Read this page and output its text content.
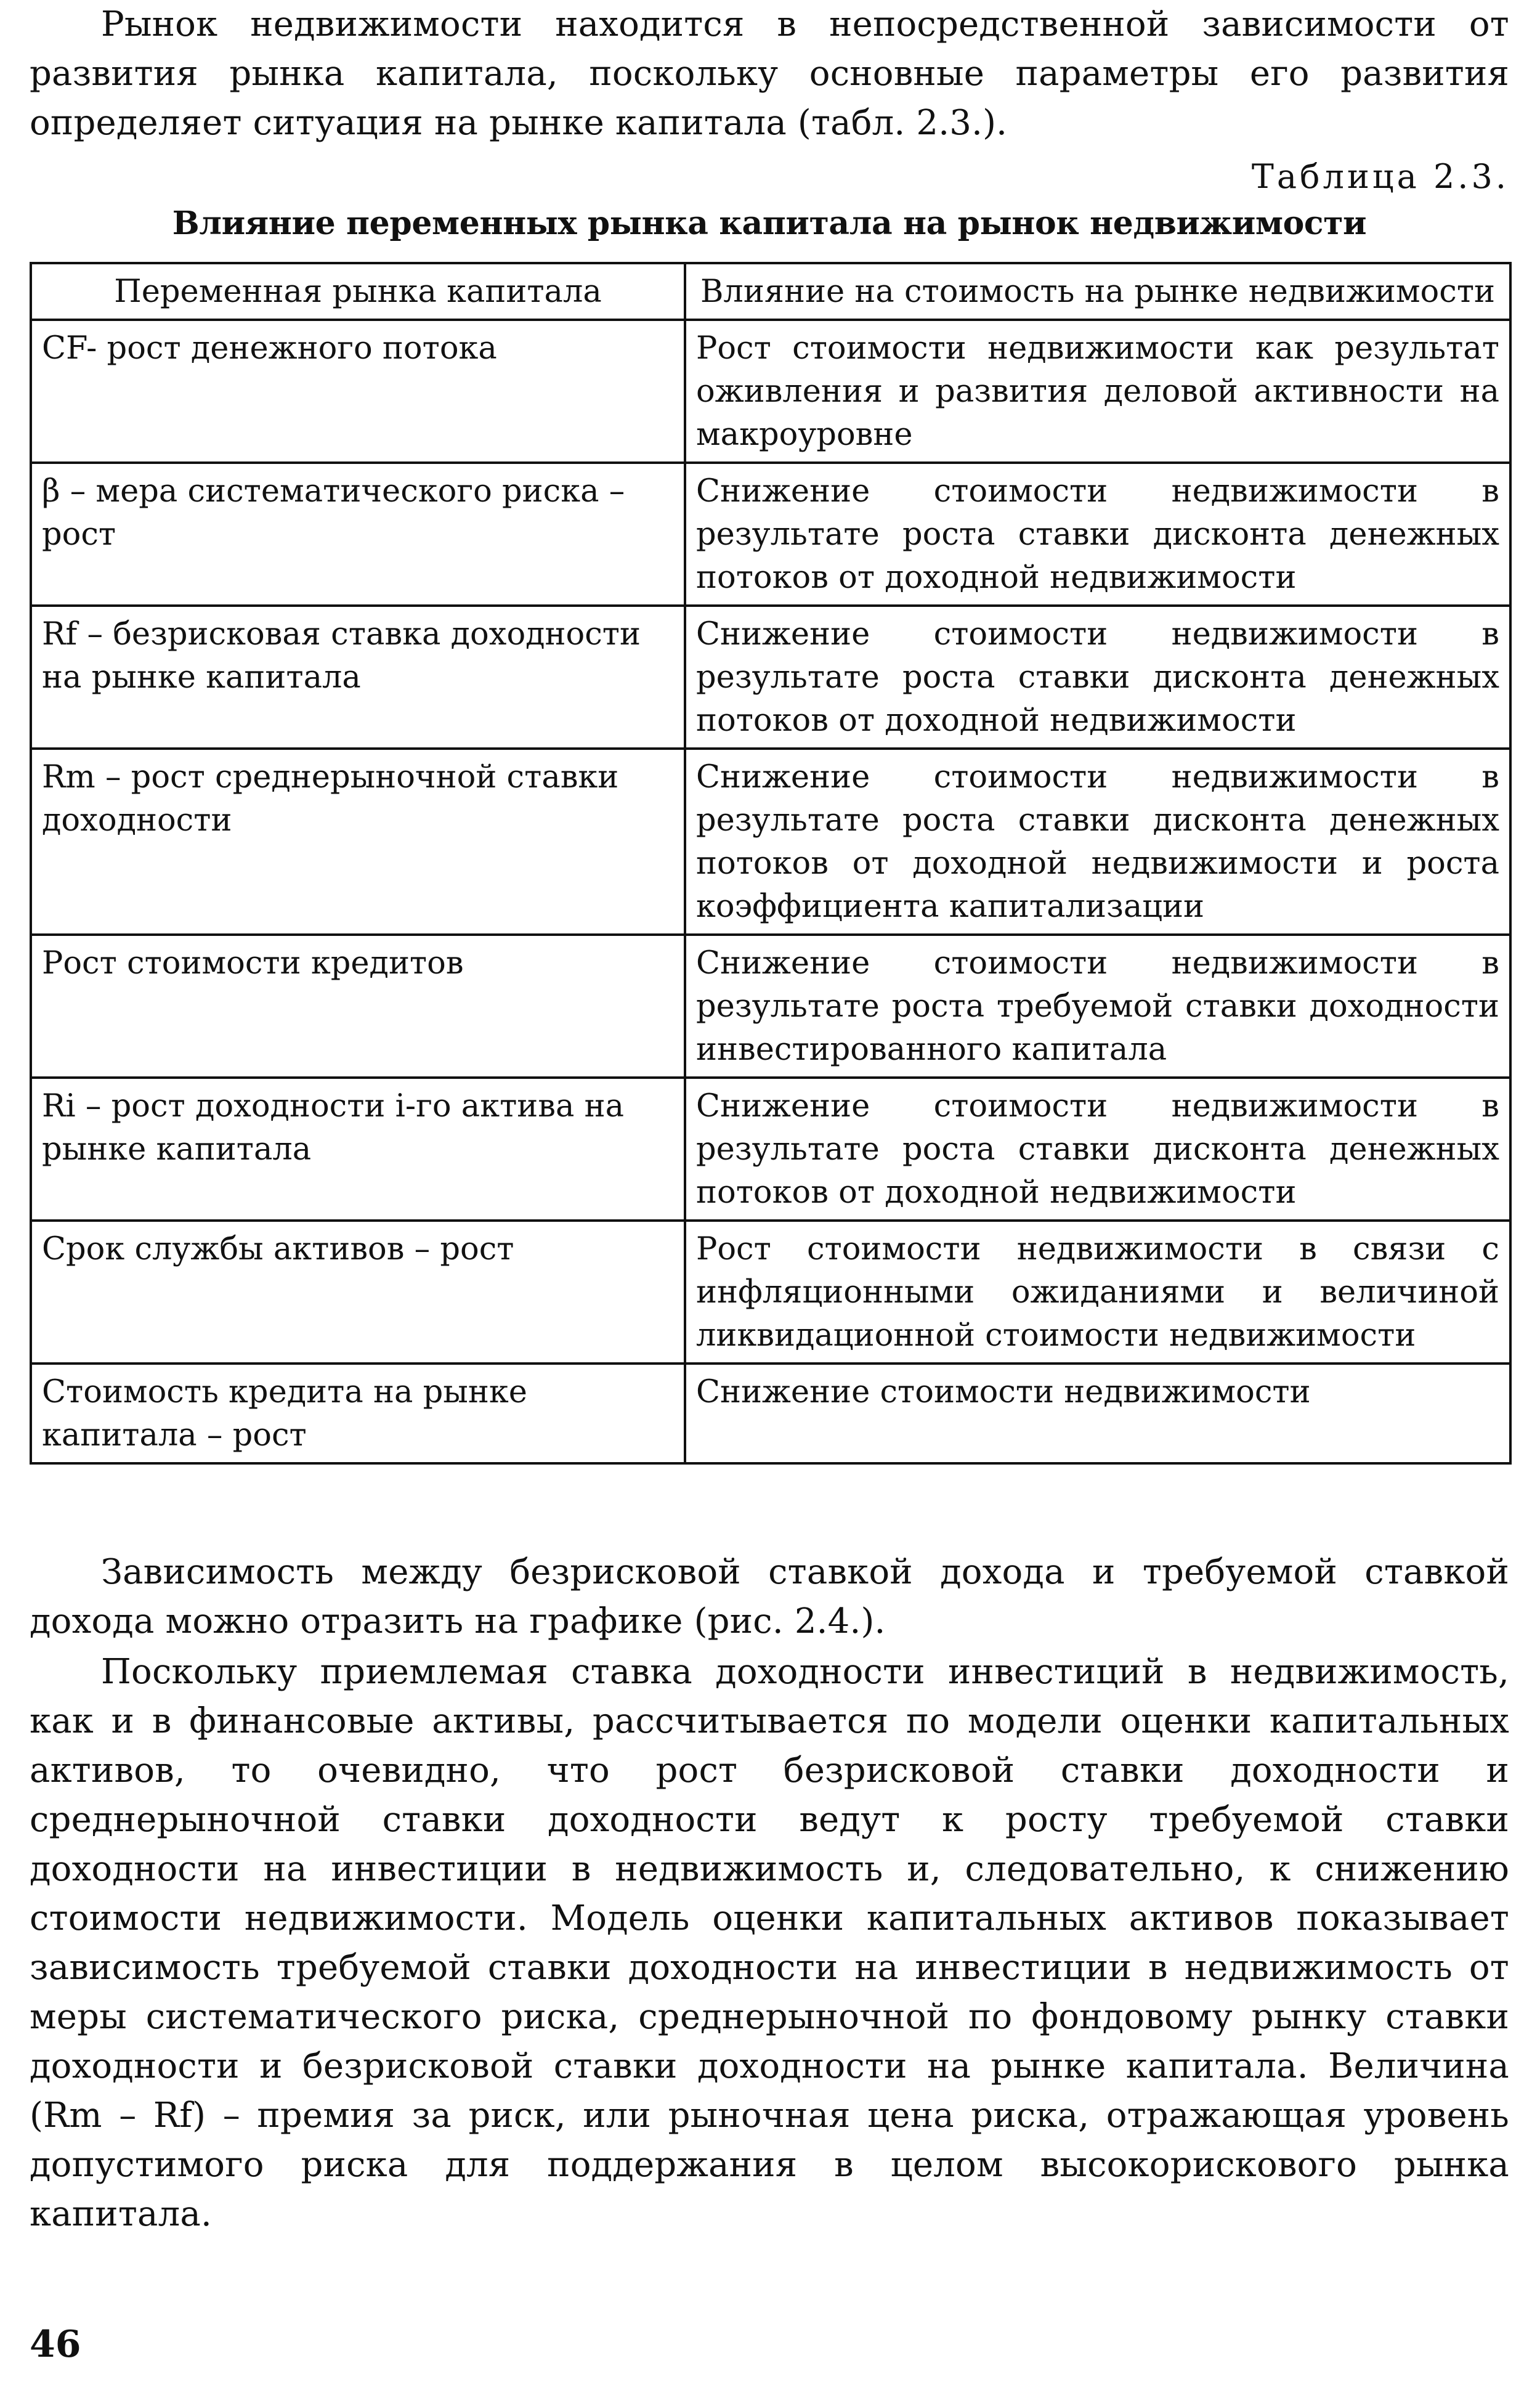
Рынок недвижимости находится в непосредственной зависимости от развития рынка капитала, поскольку основные параметры его развития определяет ситуация на рынке капитала (табл. 2.3.).

Таблица 2.3.
Влияние переменных рынка капитала на рынок недвижимости
Переменная рынка капитала	Влияние на стоимость на рынке недвижимости
CF- рост денежного потока	Рост стоимости недвижимости как результат оживления и развития деловой активности на макроуровне
β – мера систематического риска – рост	Снижение стоимости недвижимости в результате роста ставки дисконта денежных потоков от доходной недвижимости
Rf – безрисковая ставка доходности на рынке капитала	Снижение стоимости недвижимости в результате роста ставки дисконта денежных потоков от доходной недвижимости
Rm – рост среднерыночной ставки доходности	Снижение стоимости недвижимости в результате роста ставки дисконта денежных потоков от доходной недвижимости и роста коэффициента капитализации
Рост стоимости кредитов	Снижение стоимости недвижимости в результате роста требуемой ставки доходности инвестированного капитала
Ri – рост доходности i-го актива на рынке капитала	Снижение стоимости недвижимости в результате роста ставки дисконта денежных потоков от доходной недвижимости
Срок службы активов – рост	Рост стоимости недвижимости в связи с инфляционными ожиданиями и величиной ликвидационной стоимости недвижимости
Стоимость кредита на рынке капитала – рост	Снижение стоимости недвижимости

Зависимость между безрисковой ставкой дохода и требуемой ставкой дохода можно отразить на графике (рис. 2.4.).

Поскольку приемлемая ставка доходности инвестиций в недвижимость, как и в финансовые активы, рассчитывается по модели оценки капитальных активов, то очевидно, что рост безрисковой ставки доходности и среднерыночной ставки доходности ведут к росту требуемой ставки доходности на инвестиции в недвижимость и, следовательно, к снижению стоимости недвижимости. Модель оценки капитальных активов показывает зависимость требуемой ставки доходности на инвестиции в недвижимость от меры систематического риска, среднерыночной по фондовому рынку ставки доходности и безрисковой ставки доходности на рынке капитала. Величина (Rm – Rf) – премия за риск, или рыночная цена риска, отражающая уровень допустимого риска для поддержания в целом высокорискового рынка капитала.

46
